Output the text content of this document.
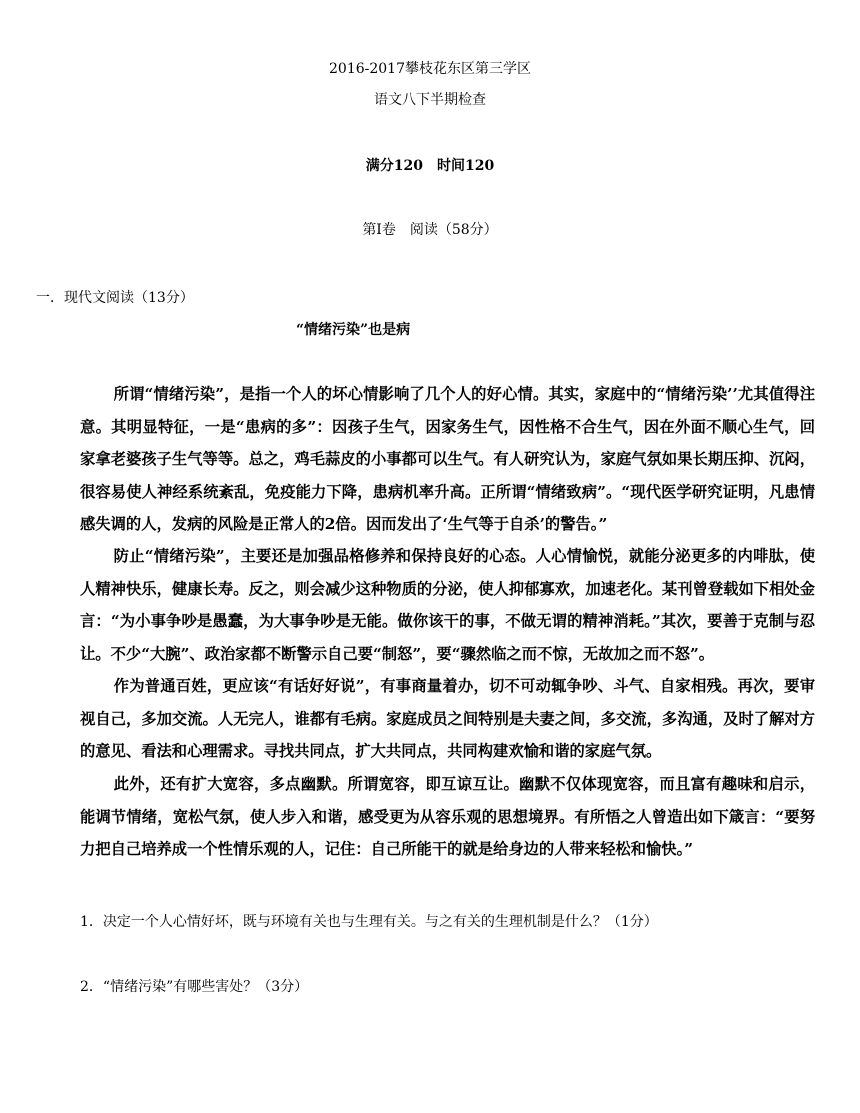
2016-2017攀枝花东区第三学区
语文八下半期检查
满分120　时间120
第I卷　阅读（58分）
一．现代文阅读（13分）
“情绪污染”也是病

所谓“情绪污染”，是指一个人的坏心情影响了几个人的好心情。其实，家庭中的“情绪污染’’尤其值得注意。其明显特征，一是“患病的多”：因孩子生气，因家务生气，因性格不合生气，因在外面不顺心生气，回家拿老婆孩子生气等等。总之，鸡毛蒜皮的小事都可以生气。有人研究认为，家庭气氛如果长期压抑、沉闷，很容易使人神经系统紊乱，免疫能力下降，患病机率升高。正所谓“情绪致病”。“现代医学研究证明，凡患情感失调的人，发病的风险是正常人的2倍。因而发出了‘生气等于自杀’的警告。”

防止“情绪污染”，主要还是加强品格修养和保持良好的心态。人心情愉悦，就能分泌更多的内啡肽，使人精神快乐，健康长寿。反之，则会减少这种物质的分泌，使人抑郁寡欢，加速老化。某刊曾登载如下相处金言：“为小事争吵是愚蠢，为大事争吵是无能。做你该干的事，不做无谓的精神消耗。”其次，要善于克制与忍让。不少“大腕”、政治家都不断警示自己要“制怒”，要“骤然临之而不惊，无故加之而不怒”。

作为普通百姓，更应该“有话好好说”，有事商量着办，切不可动辄争吵、斗气、自家相残。再次，要审视自己，多加交流。人无完人，谁都有毛病。家庭成员之间特别是夫妻之间，多交流，多沟通，及时了解对方的意见、看法和心理需求。寻找共同点，扩大共同点，共同构建欢愉和谐的家庭气氛。

此外，还有扩大宽容，多点幽默。所谓宽容，即互谅互让。幽默不仅体现宽容，而且富有趣味和启示，能调节情绪，宽松气氛，使人步入和谐，感受更为从容乐观的思想境界。有所悟之人曾造出如下箴言：“要努力把自己培养成一个性情乐观的人，记住：自己所能干的就是给身边的人带来轻松和愉快。”

1．决定一个人心情好坏，既与环境有关也与生理有关。与之有关的生理机制是什么？（1分）
2．“情绪污染”有哪些害处？（3分）
